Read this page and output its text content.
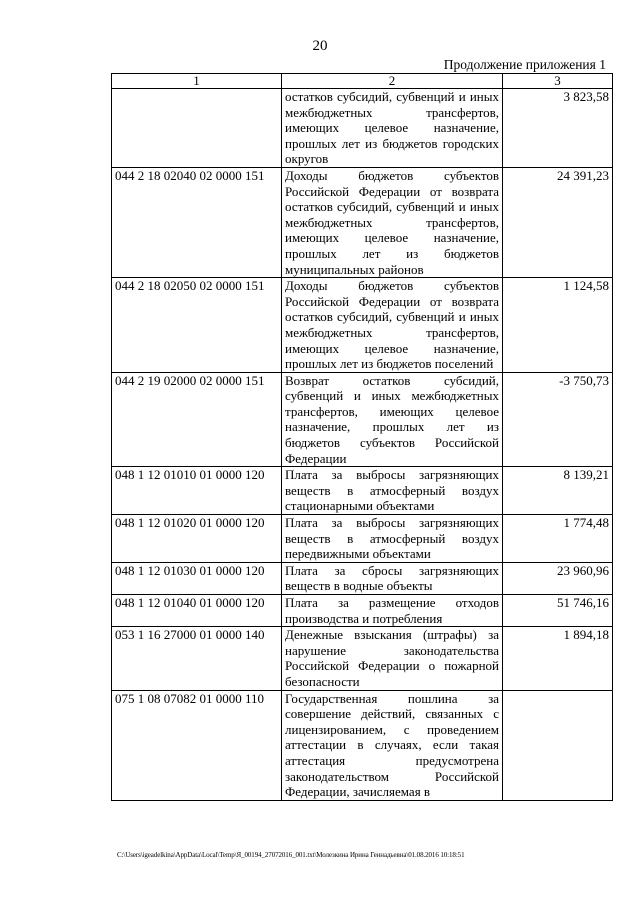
20
Продолжение приложения 1
1	2	3
	остатков субсидий, субвенций и иных межбюджетных трансфертов, имеющих целевое назначение, прошлых лет из бюджетов городских округов	3 823,58
044 2 18 02040 02 0000 151	Доходы бюджетов субъектов Российской Федерации от возврата остатков субсидий, субвенций и иных межбюджетных трансфертов, имеющих целевое назначение, прошлых лет из бюджетов муниципальных районов	24 391,23
044 2 18 02050 02 0000 151	Доходы бюджетов субъектов Российской Федерации от возврата остатков субсидий, субвенций и иных межбюджетных трансфертов, имеющих целевое назначение, прошлых лет из бюджетов поселений	1 124,58
044 2 19 02000 02 0000 151	Возврат остатков субсидий, субвенций и иных межбюджетных трансфертов, имеющих целевое назначение, прошлых лет из бюджетов субъектов Российской Федерации	-3 750,73
048 1 12 01010 01 0000 120	Плата за выбросы загрязняющих веществ в атмосферный воздух стационарными объектами	8 139,21
048 1 12 01020 01 0000 120	Плата за выбросы загрязняющих веществ в атмосферный воздух передвижными объектами	1 774,48
048 1 12 01030 01 0000 120	Плата за сбросы загрязняющих веществ в водные объекты	23 960,96
048 1 12 01040 01 0000 120	Плата за размещение отходов производства и потребления	51 746,16
053 1 16 27000 01 0000 140	Денежные взыскания (штрафы) за нарушение законодательства Российской Федерации о пожарной безопасности	1 894,18
075 1 08 07082 01 0000 110	Государственная пошлина за совершение действий, связанных с лицензированием, с проведением аттестации в случаях, если такая аттестация предусмотрена законодательством Российской Федерации, зачисляемая в	
C:\Users\igeadelkina\AppData\Local\Temp\Я_00194_27072016_001.txt\Молезкина Ирина Геннадьевна\01.08.2016 10:18:51
